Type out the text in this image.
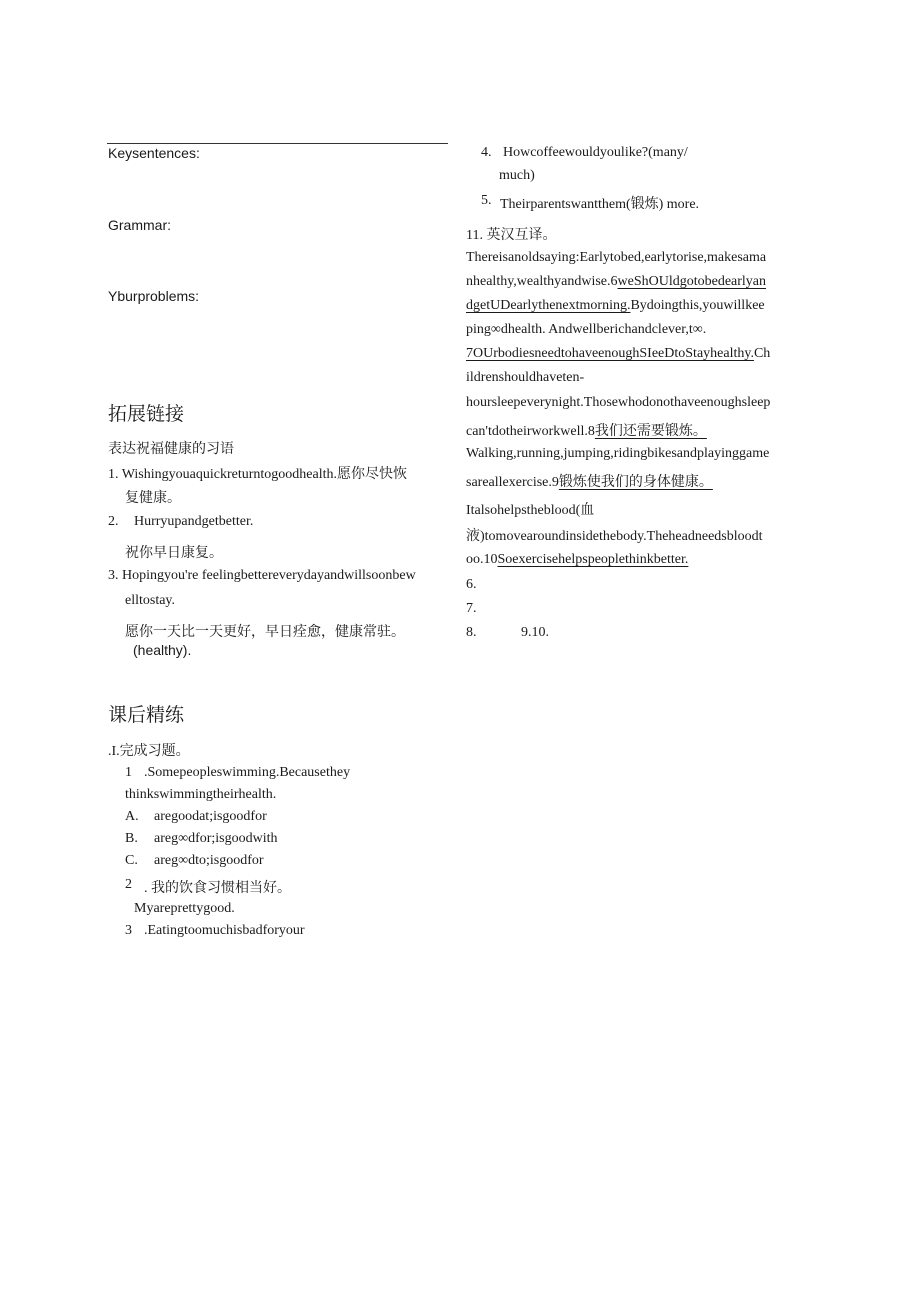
Keysentences:
Grammar:
Yburproblems:
拓展链接
表达祝福健康的习语
1. Wishingyouaquickreturntogoodhealth.愿你尽快恢
复健康。
2. Hurryupandgetbetter.
祝你早日康复。
3. Hopingyou're feelingbettereverydayandwillsoonbew
elltostay.
愿你一天比一天更好，早日痊愈，健康常驻。
(healthy).
课后精练
.I.完成习题。
1 .Somepeopleswimming.Becausethey
thinkswimmingtheirhealth.
A. aregoodat;isgoodfor
B. areg∞dfor;isgoodwith
C. areg∞dto;isgoodfor
2 . 我的饮食习惯相当好。
Myareprettygood.
3 .Eatingtoomuchisbadforyour
4. Howcoffeewouldyoulike?(many/
much)
5. Theirparentswantthem(锻炼) more.
11. 英汉互译。
Thereisanoldsaying:Earlytobed,earlytorise,makesama
nhealthy,wealthyandwise.6weShOUldgotobedearlyan
dgetUDearlythenextmorning.Bydoingthis,youwillkee
ping∞dhealth. Andwellberichandclever,t∞.
7OUrbodiesneedtohaveenoughSIeeDtoStayhealthy.Ch
ildrenshouldhaveten-
hoursleepeverynight.Thosewhodonothaveenoughsleep
can'tdotheirworkwell.8我们还需要锻炼。
Walking,running,jumping,ridingbikesandplayinggame
sareallexercise.9锻炼使我们的身体健康。
Italsohelpstheblood(血
液)tomovearoundinsidethebody.Theheadneedsbloodt
oo.10Soexercisehelpspeoplethinkbetter.
6.
7.
8.	9.10.
